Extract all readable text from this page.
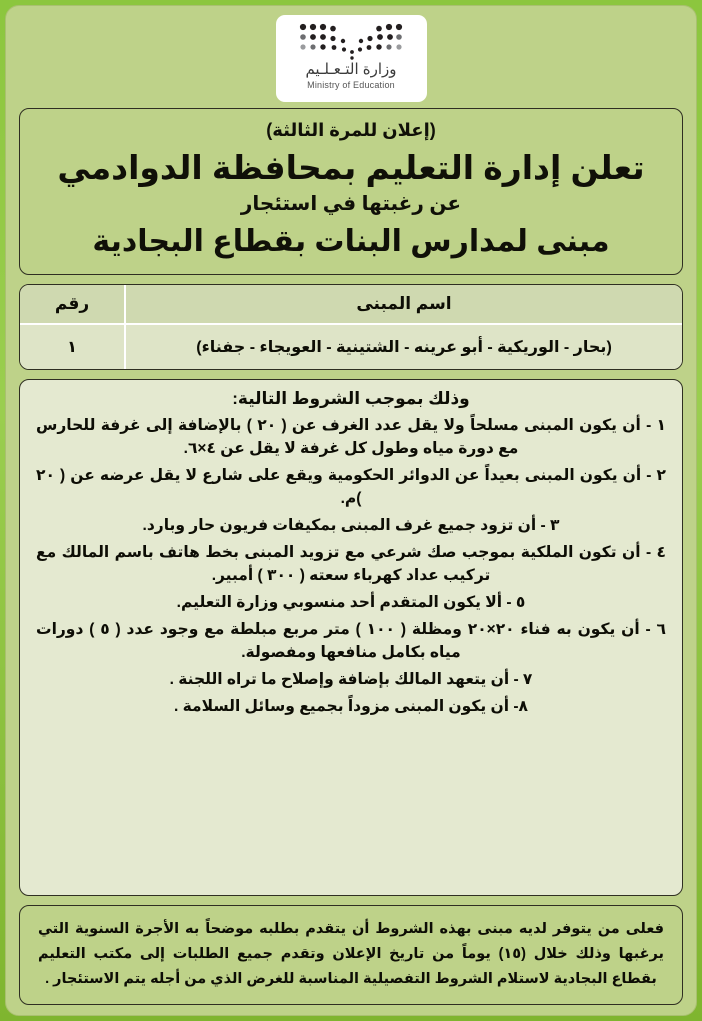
وزارة التـعـلـيم
Ministry of Education
(إعلان للمرة الثالثة)
تعلن إدارة التعليم بمحافظة الدوادمي
عن رغبتها في استئجار
مبنى لمدارس البنات بقطاع البجادية
اسم المبنى	رقم
(بحار - الوريكية - أبو عرينه - الشتينية - العويجاء - جفناء)	١
وذلك بموجب الشروط التالية:
١ - أن يكون المبنى مسلحاً ولا يقل عدد الغرف عن ( ٢٠ ) بالإضافة إلى غرفة للحارس مع دورة مياه وطول كل غرفة لا يقل عن ٤×٦.
٢ - أن يكون المبنى بعيداً عن الدوائر الحكومية ويقع على شارع لا يقل عرضه عن ( ٢٠ )م.
٣ - أن تزود جميع غرف المبنى بمكيفات فريون حار وبارد.
٤ - أن تكون الملكية بموجب صك شرعي مع تزويد المبنى بخط هاتف باسم المالك مع تركيب عداد كهرباء سعته ( ٣٠٠ ) أمبير.
٥ - ألا يكون المتقدم أحد منسوبي وزارة التعليم.
٦ - أن يكون به فناء ٢٠×٢٠ ومظلة ( ١٠٠ ) متر مربع مبلطة مع وجود عدد ( ٥ ) دورات مياه بكامل منافعها ومفصولة.
٧ - أن يتعهد المالك بإضافة وإصلاح ما تراه اللجنة .
٨- أن يكون المبنى مزوداً بجميع وسائل السلامة .

فعلى من يتوفر لديه مبنى بهذه الشروط أن يتقدم بطلبه موضحاً به الأجرة السنوية التي يرغبها وذلك خلال (١٥) يوماً من تاريخ الإعلان وتقدم جميع الطلبات إلى مكتب التعليم بقطاع البجادية لاستلام الشروط التفصيلية المناسبة للغرض الذي من أجله يتم الاستئجار .
